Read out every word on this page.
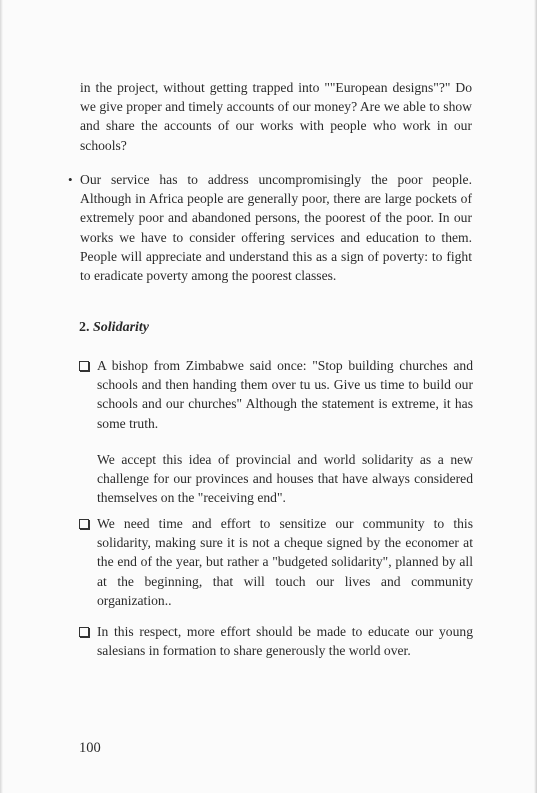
in the project, without getting trapped into ""European designs"?" Do we give proper and timely accounts of our money? Are we able to show and share the accounts of our works with people who work in our schools?
• Our service has to address uncompromisingly the poor people. Although in Africa people are generally poor, there are large pockets of extremely poor and abandoned persons, the poorest of the poor. In our works we have to consider offering services and education to them. People will appreciate and understand this as a sign of poverty: to fight to eradicate poverty among the poorest classes.
2. Solidarity
A bishop from Zimbabwe said once: "Stop building churches and schools and then handing them over tu us. Give us time to build our schools and our churches" Although the statement is extreme, it has some truth.
We accept this idea of provincial and world solidarity as a new challenge for our provinces and houses that have always considered themselves on the "receiving end".
We need time and effort to sensitize our community to this solidarity, making sure it is not a cheque signed by the economer at the end of the year, but rather a "budgeted solidarity", planned by all at the beginning, that will touch our lives and community organization..
In this respect, more effort should be made to educate our young salesians in formation to share generously the world over.
100
